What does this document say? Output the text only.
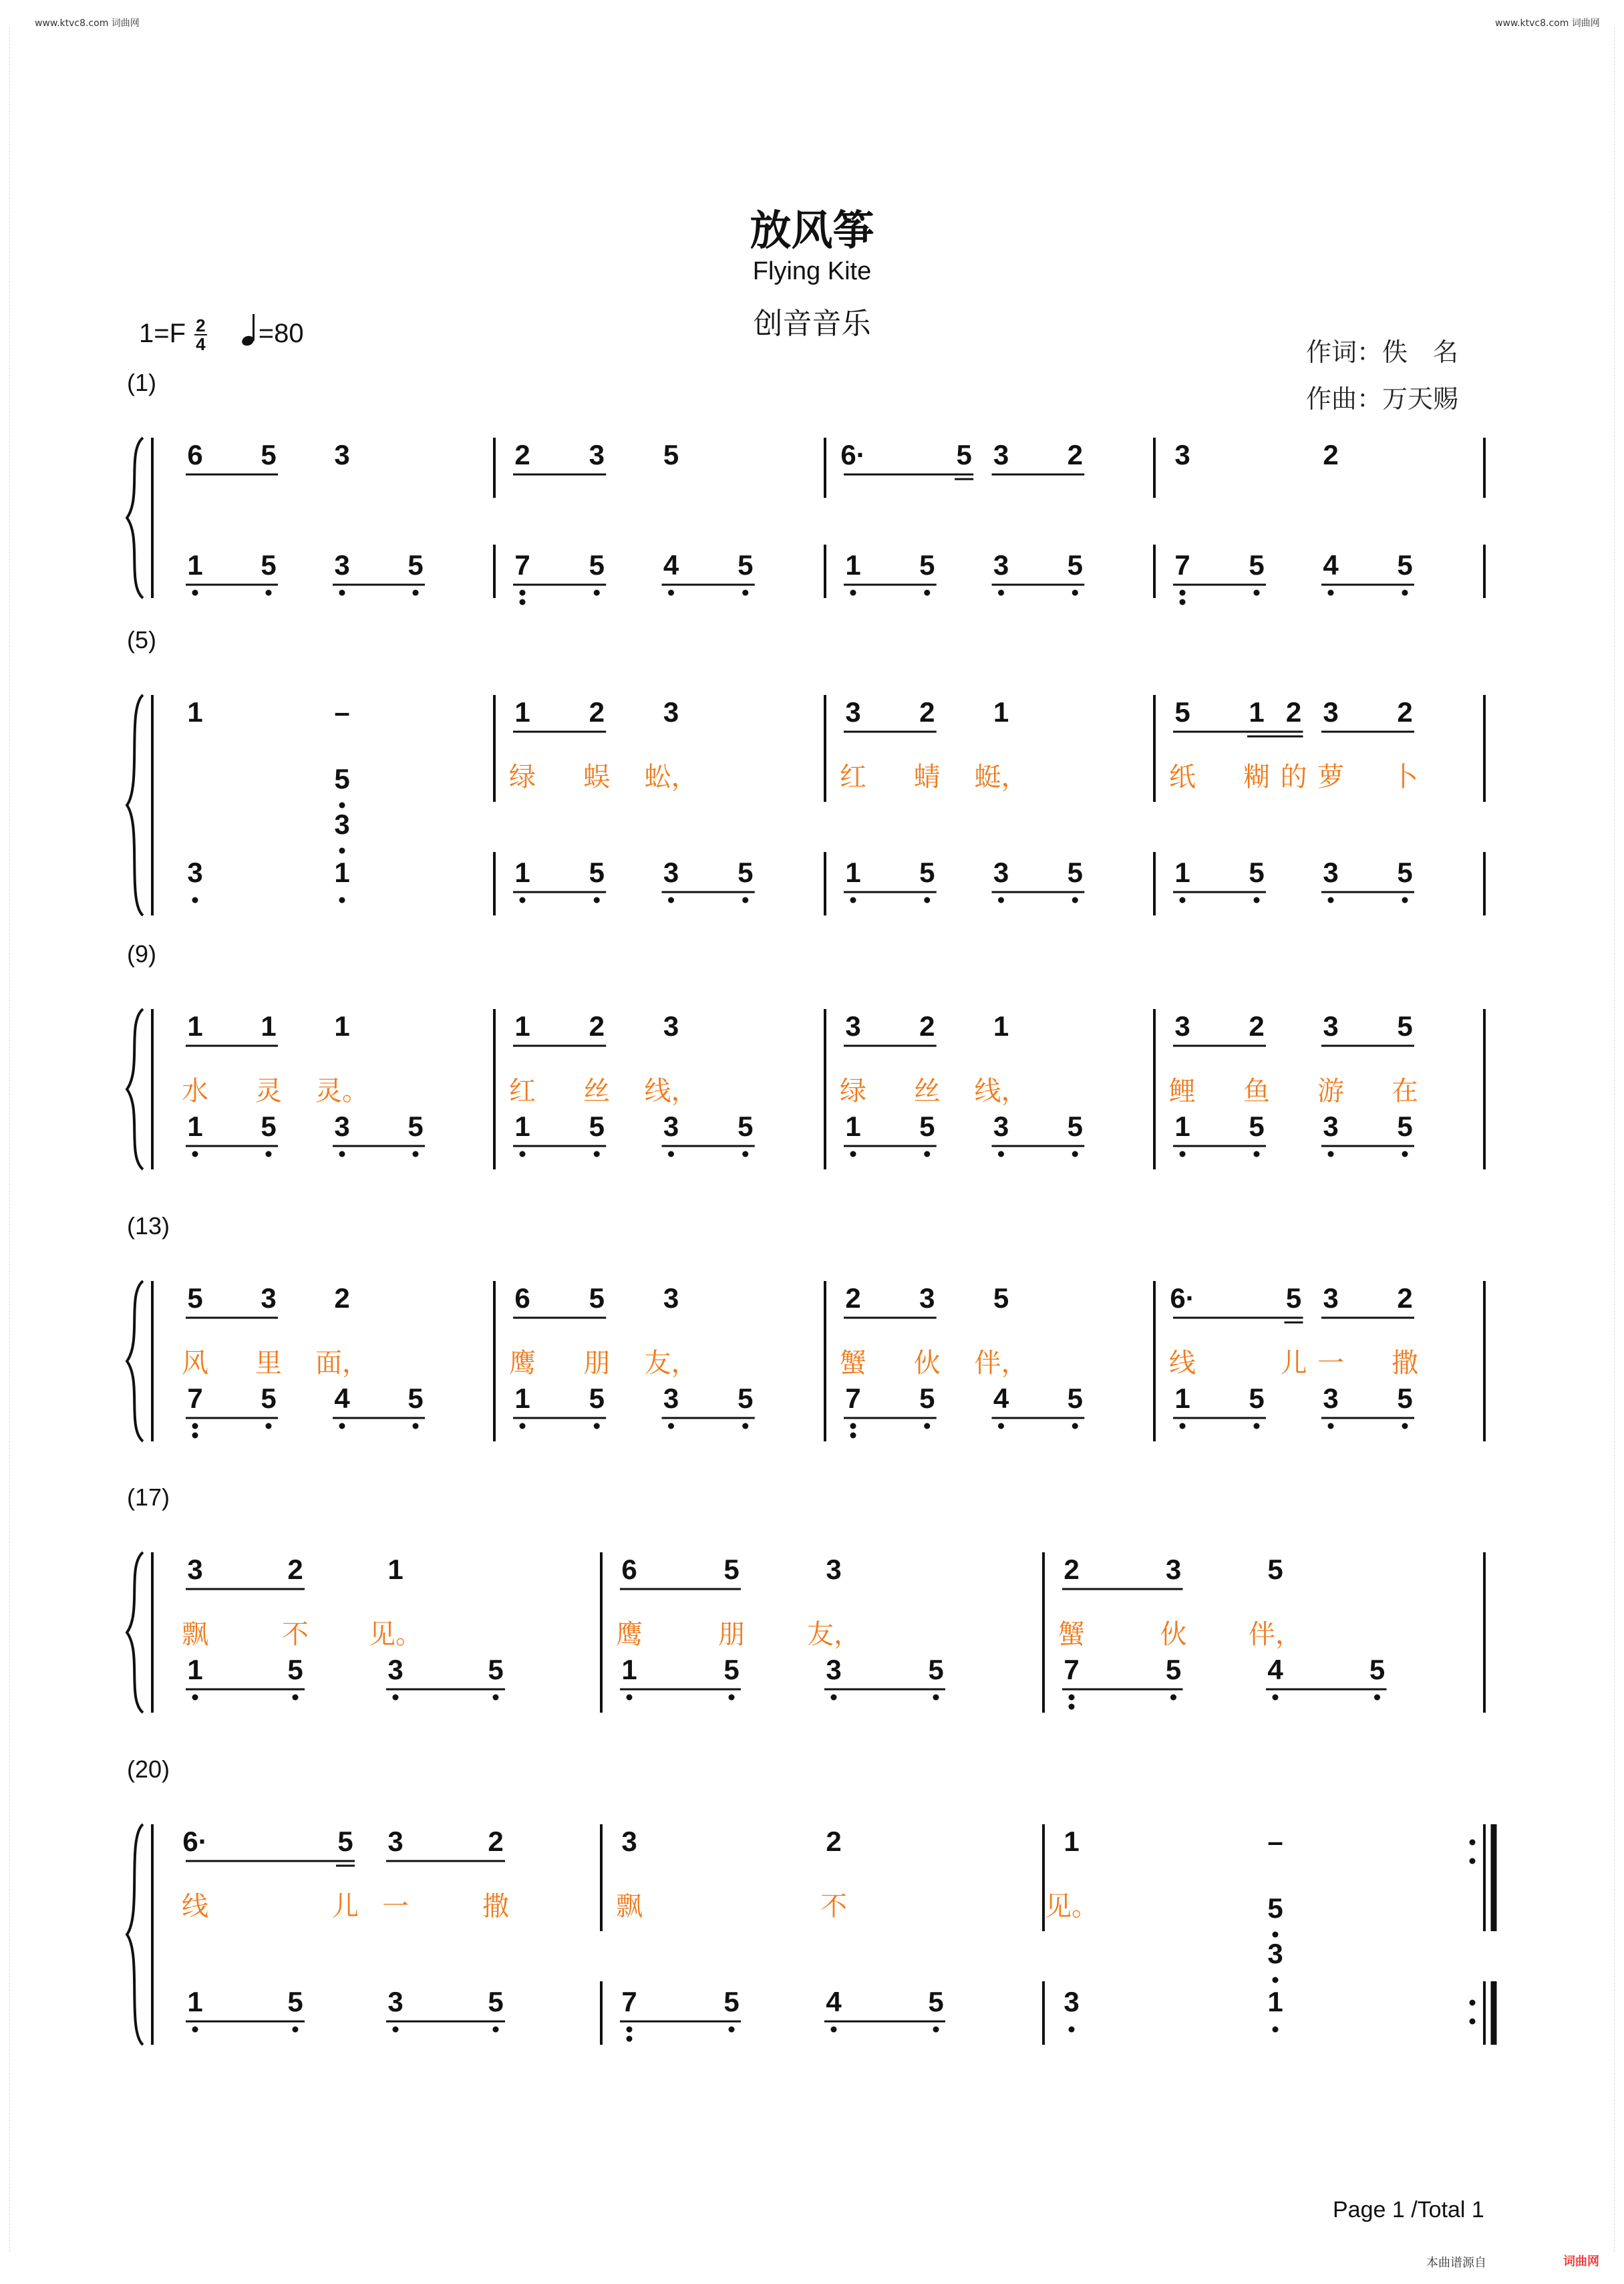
www.ktvc8.com 词曲网	www.ktvc8.com 词曲网
放风筝
Flying Kite
创音音乐
作词：佚　名
作曲：万天赐
$1=F \frac{2}{4} =80$
(1)
6 5 3
1 5 3 5
2 3 5
7 5 4 5
6·	5 3 2
1 5 3 5
3	2
7 5 4 5
(5)
1	–
3	1
5
3
1 2 3
绿 蜈 蚣，
1 5 3 5
3 2 1
红 蜻 蜓，
1 5 3 5
5 1 2 3 2
纸 糊 的 萝 卜
1 5 3 5
(9)
1 1 1
水 灵 灵。
1 5 3 5
1 2 3
红 丝 线，
1 5 3 5
3 2 1
绿 丝 线，
1 5 3 5
3 2 3 5
鲤 鱼 游 在
1 5 3 5
(13)
5 3 2
风 里 面，
7 5 4 5
6 5 3
鹰 朋 友，
1 5 3 5
2 3 5
蟹 伙 伴，
7 5 4 5
6·	5 3 2
线	儿 一 撒
1 5 3 5
(17)
3	2	1
飘	不 见。
1	5	3	5
6	5	3
鹰	朋 友，
1	5	3	5
2	3	5
蟹	伙 伴，
7	5	4	5
(20)
6·	5 3	2
线	儿 一	撒
1	5	3	5
3	2
飘	不
7	5	4	5
1	–
见。
3	1
5
3
Page 1 /Total 1
本曲谱源自	词曲网
